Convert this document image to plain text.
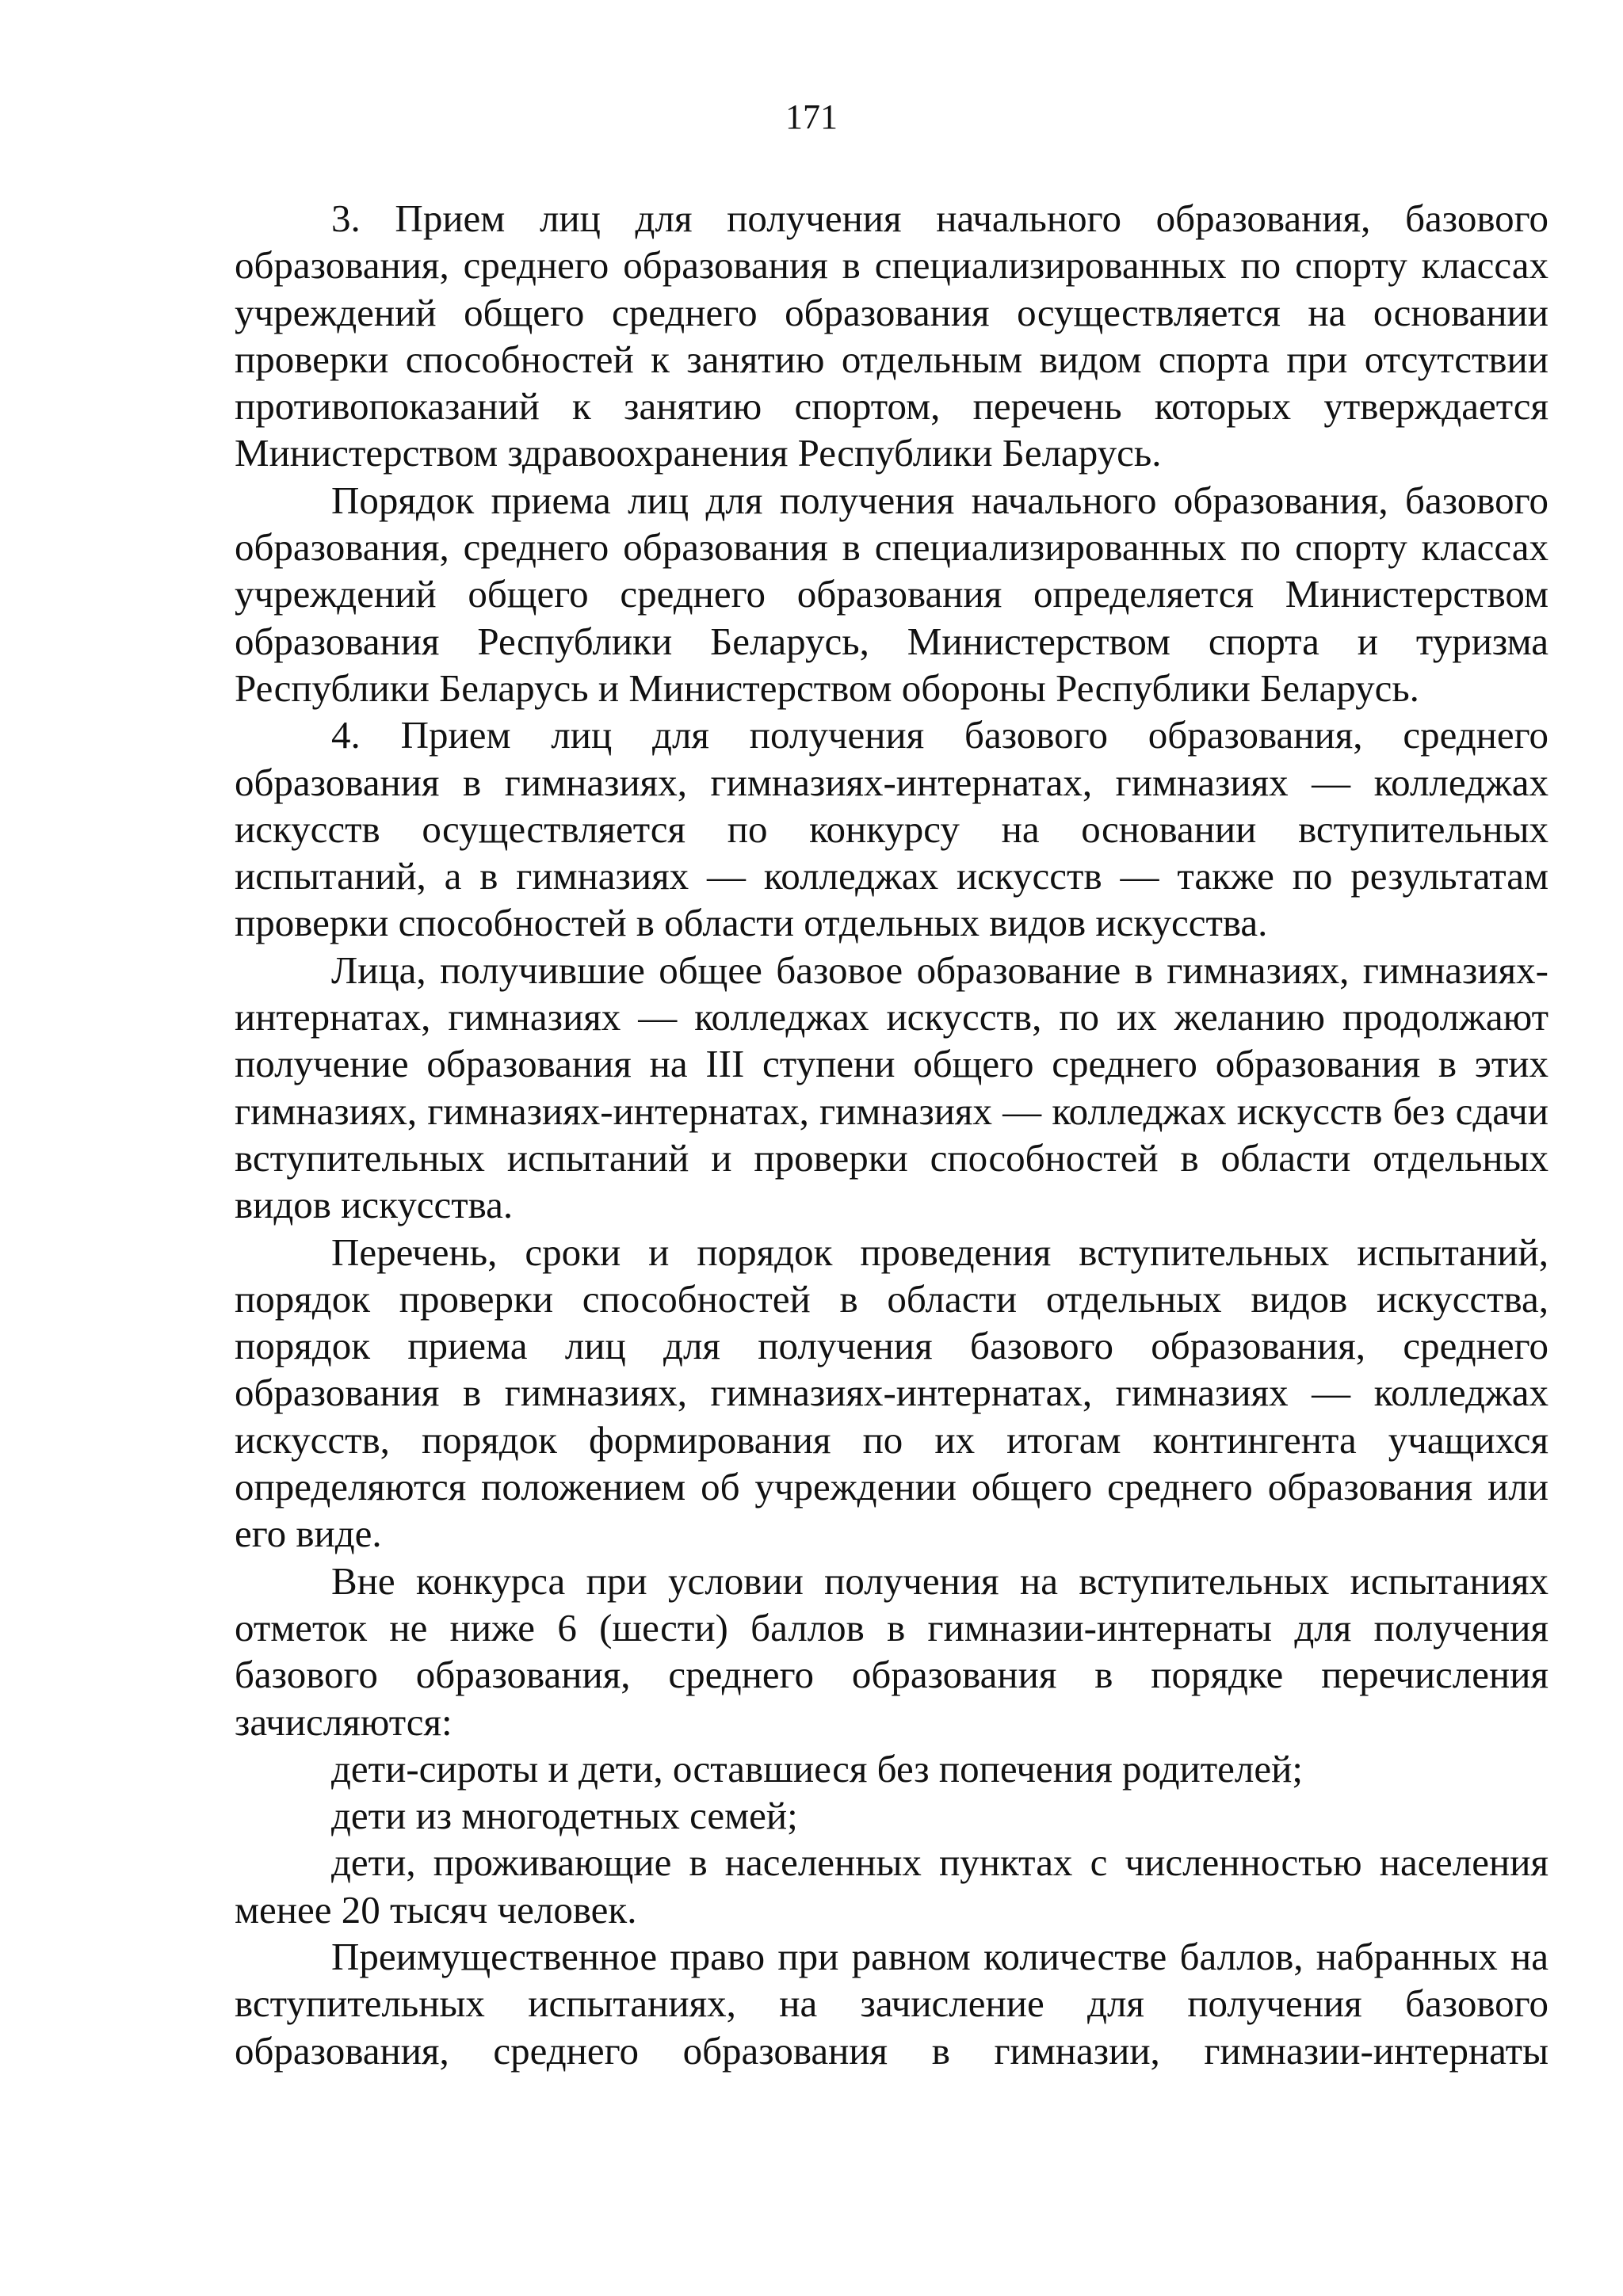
171

3. Прием лиц для получения начального образования, базового образования, среднего образования в специализированных по спорту классах учреждений общего среднего образования осуществляется на основании проверки способностей к занятию отдельным видом спорта при отсутствии противопоказаний к занятию спортом, перечень которых утверждается Министерством здравоохранения Республики Беларусь.

Порядок приема лиц для получения начального образования, базового образования, среднего образования в специализированных по спорту классах учреждений общего среднего образования определяется Министерством образования Республики Беларусь, Министерством спорта и туризма Республики Беларусь и Министерством обороны Республики Беларусь.

4. Прием лиц для получения базового образования, среднего образования в гимназиях, гимназиях-интернатах, гимназиях — колледжах искусств осуществляется по конкурсу на основании вступительных испытаний, а в гимназиях — колледжах искусств — также по результатам проверки способностей в области отдельных видов искусства.

Лица, получившие общее базовое образование в гимназиях, гимназиях-интернатах, гимназиях — колледжах искусств, по их желанию продолжают получение образования на III ступени общего среднего образования в этих гимназиях, гимназиях-интернатах, гимназиях — колледжах искусств без сдачи вступительных испытаний и проверки способностей в области отдельных видов искусства.

Перечень, сроки и порядок проведения вступительных испытаний, порядок проверки способностей в области отдельных видов искусства, порядок приема лиц для получения базового образования, среднего образования в гимназиях, гимназиях-интернатах, гимназиях — колледжах искусств, порядок формирования по их итогам контингента учащихся определяются положением об учреждении общего среднего образования или его виде.

Вне конкурса при условии получения на вступительных испытаниях отметок не ниже 6 (шести) баллов в гимназии-интернаты для получения базового образования, среднего образования в порядке перечисления зачисляются:

дети-сироты и дети, оставшиеся без попечения родителей;

дети из многодетных семей;

дети, проживающие в населенных пунктах с численностью населения менее 20 тысяч человек.

Преимущественное право при равном количестве баллов, набранных на вступительных испытаниях, на зачисление для получения базового образования, среднего образования в гимназии, гимназии-интернаты
